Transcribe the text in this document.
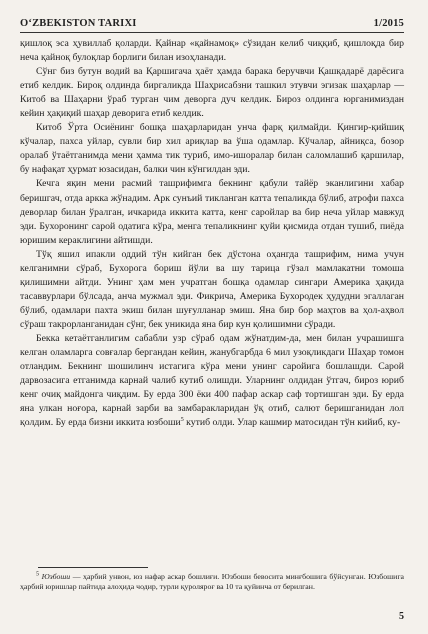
O‘ZBEKISTON TARIXI	1/2015

қишлоқ эса ҳувиллаб қоларди. Қайнар «қайнамоқ» сўзидан келиб чиққиб, қишлоқда бир неча қайноқ булоқлар борлиги билан изоҳланади.

Сўнг биз бутун водий ва Қаршигача ҳаёт ҳамда барака беручвчи Қашқадарё дарёсига етиб келдик. Бироқ олдинда биргаликда Шаҳрисабзни ташкил этувчи эгизак шаҳарлар — Китоб ва Шаҳарни ўраб турган чим деворга дуч келдик. Бироз олдинга юрганимиздан кейин ҳақиқий шаҳар деворига етиб келдик.

Китоб Ўрта Осиёнинг бошқа шаҳарларидан унча фарқ қилмайди. Қингир-қийшиқ кўчалар, пахса уйлар, сувли бир хил ариқлар ва ўша одамлар. Кўчалар, айниқса, бозор оралаб ўтаётганимда мени ҳамма тик туриб, имо-ишоралар билан саломлашиб қаршилар, бу нафақат ҳурмат юзасидан, балки чин кўнгилдан эди.

Кечга яқин мени расмий ташрифимга бекнинг қабули тайёр эканлигини хабар беришгач, отда аркка жўнадим. Арк сунъий тикланган катта тепаликда бўлиб, атрофи пахса деворлар билан ўралган, ичкарида иккита катта, кенг саройлар ва бир неча уйлар мавжуд эди. Бухоронинг сарой одатига кўра, менга тепаликнинг қуйи қисмида отдан тушиб, пиёда юришим кераклигини айтишди.

Тўқ яшил ипакли оддий тўн кийган бек дўстона оҳангда ташрифим, нима учун келганимни сўраб, Бухорога бориш йўли ва шу тарица гўзал мамлакатни томоша қилишимни айтди. Унинг ҳам мен учратган бошқа одамлар сингари Америка ҳақида тасаввурлари бўлсада, анча мужмал эди. Фикрича, Америка Бухородек ҳудудни эгаллаган бўлиб, одамлари пахта экиш билан шуғулланар эмиш. Яна бир бор маҳтов ва ҳол-аҳвол сўраш такрорланганидан сўнг, бек уникида яна бир кун қолишимни сўради.

Бекка кетаётганлигим сабабли узр сўраб одам жўнатдим-да, мен билан учрашишга келган оламларга совғалар бергандан кейин, жанубгарбда 6 мил узоқликдаги Шаҳар томон отландим. Бекнинг шошилинч истагига кўра мени унинг саройига бошлашди. Сарой дарвозасига етганимда карнай чалиб кутиб олишди. Уларнинг олдидан ўтгач, бироз юриб кенг очиқ майдонга чиқдим. Бу ерда 300 ёки 400 пафар аскар саф тортишган эди. Бу ерда яна улкан ноғора, карнай зарби ва замбаракларидан ўқ отиб, салют беришганидан лол қолдим. Бу ерда бизни иккита юзбоши$^5$ кутиб олди. Улар кашмир матосидан тўн кийиб, ку-

$^5$ Юзбоши — ҳарбий унвон, юз нафар аскар бошлиғи. Юзбоши бевосита минғбошига бўйсунган. Юзбошига ҳарбий юришлар пайтида алоҳида чодир, турли қуроляроғ ва 10 та қуйинча от берилган.

5
